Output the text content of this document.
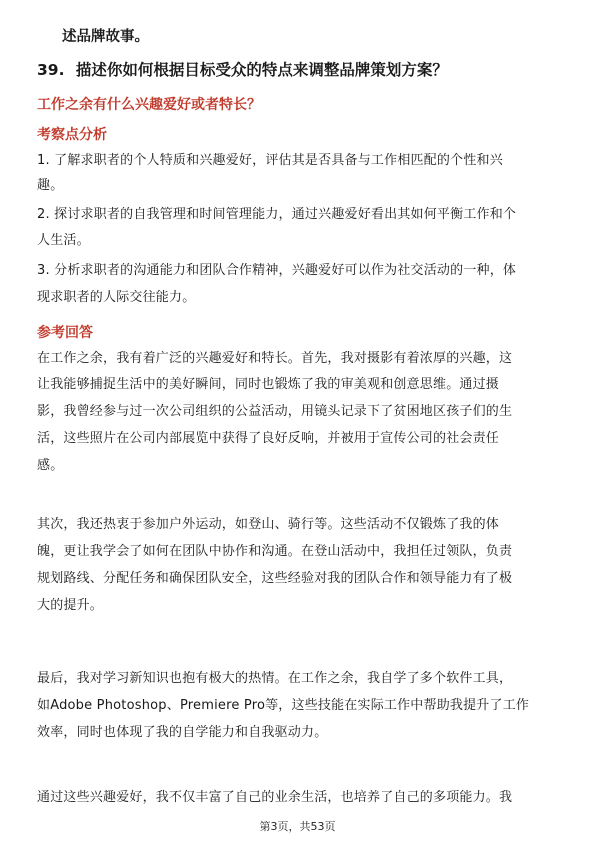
述品牌故事。

39. 描述你如何根据目标受众的特点来调整品牌策划方案？

工作之余有什么兴趣爱好或者特长？

考察点分析

1. 了解求职者的个人特质和兴趣爱好，评估其是否具备与工作相匹配的个性和兴

趣。

2. 探讨求职者的自我管理和时间管理能力，通过兴趣爱好看出其如何平衡工作和个

人生活。

3. 分析求职者的沟通能力和团队合作精神，兴趣爱好可以作为社交活动的一种，体

现求职者的人际交往能力。

参考回答

在工作之余，我有着广泛的兴趣爱好和特长。首先，我对摄影有着浓厚的兴趣，这

让我能够捕捉生活中的美好瞬间，同时也锻炼了我的审美观和创意思维。通过摄

影，我曾经参与过一次公司组织的公益活动，用镜头记录下了贫困地区孩子们的生

活，这些照片在公司内部展览中获得了良好反响，并被用于宣传公司的社会责任

感。

其次，我还热衷于参加户外运动，如登山、骑行等。这些活动不仅锻炼了我的体

魄，更让我学会了如何在团队中协作和沟通。在登山活动中，我担任过领队，负责

规划路线、分配任务和确保团队安全，这些经验对我的团队合作和领导能力有了极

大的提升。

最后，我对学习新知识也抱有极大的热情。在工作之余，我自学了多个软件工具，

如Adobe Photoshop、Premiere Pro等，这些技能在实际工作中帮助我提升了工作

效率，同时也体现了我的自学能力和自我驱动力。

通过这些兴趣爱好，我不仅丰富了自己的业余生活，也培养了自己的多项能力。我

第3页，共53页
